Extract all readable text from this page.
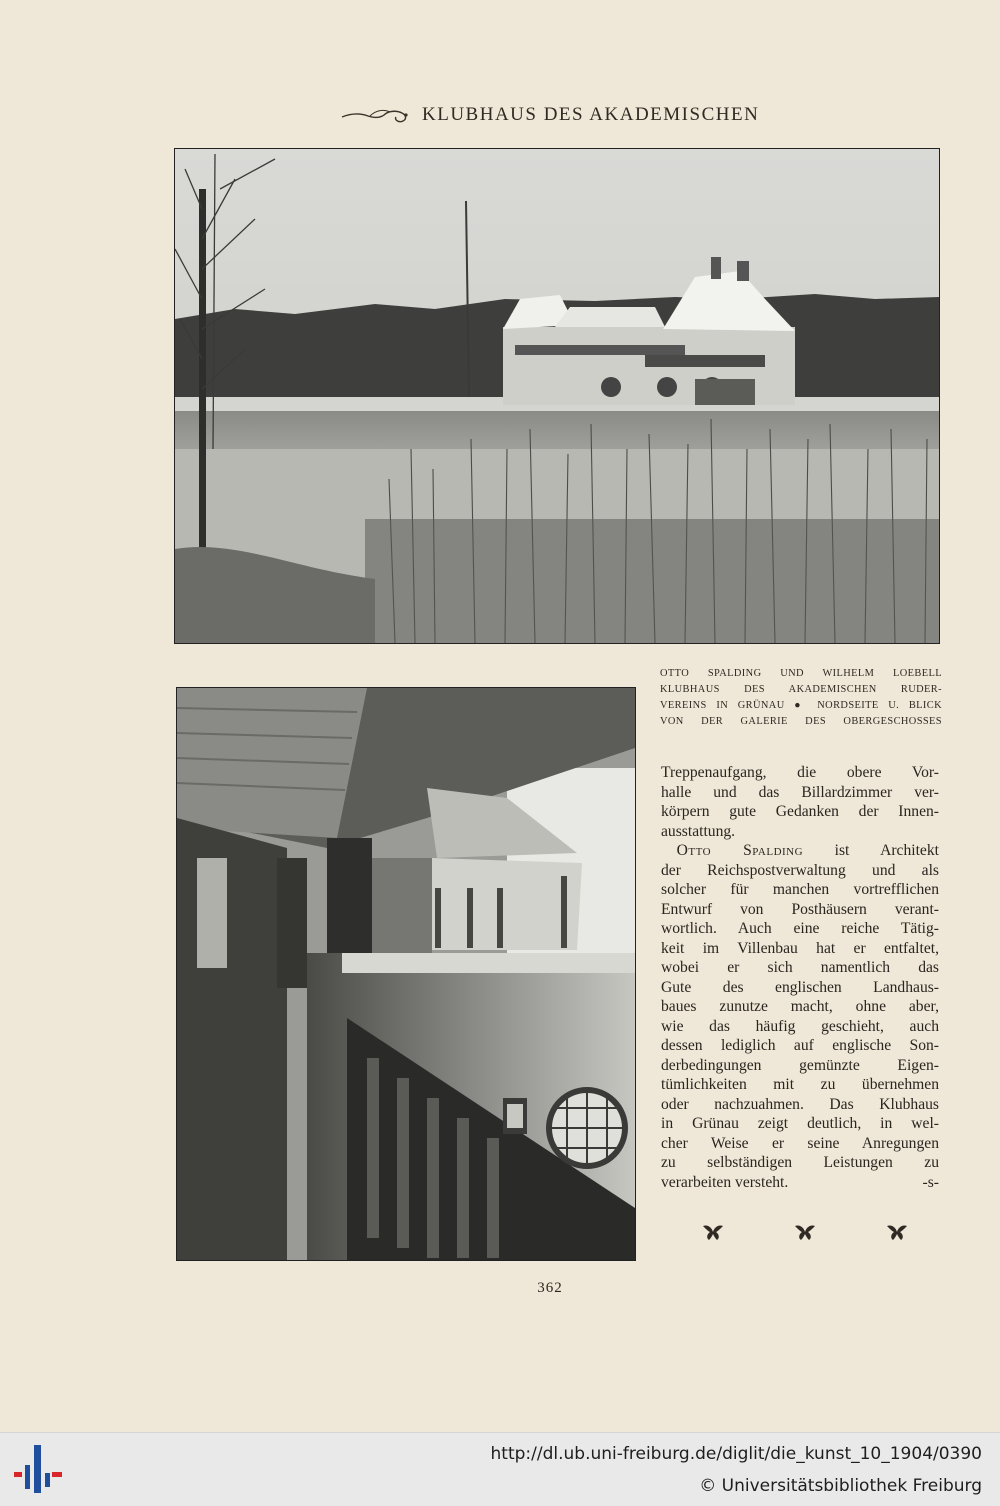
KLUBHAUS DES AKADEMISCHEN
OTTO SPALDING UND WILHELM LOEBELL
KLUBHAUS DES AKADEMISCHEN RUDER-
VEREINS IN GRÜNAU ● NORDSEITE U. BLICK
VON DER GALERIE DES OBERGESCHOSSES
Treppenaufgang, die obere Vor-
halle und das Billardzimmer ver-
körpern gute Gedanken der Innen-
ausstattung.
 Otto Spalding ist Architekt
der Reichspostverwaltung und als
solcher für manchen vortrefflichen
Entwurf von Posthäusern verant-
wortlich. Auch eine reiche Tätig-
keit im Villenbau hat er entfaltet,
wobei er sich namentlich das
Gute des englischen Landhaus-
baues zunutze macht, ohne aber,
wie das häufig geschieht, auch
dessen lediglich auf englische Son-
derbedingungen gemünzte Eigen-
tümlichkeiten mit zu übernehmen
oder nachzuahmen. Das Klubhaus
in Grünau zeigt deutlich, in wel-
cher Weise er seine Anregungen
zu selbständigen Leistungen zu
verarbeiten versteht.	-s-
362
http://dl.ub.uni-freiburg.de/diglit/die_kunst_10_1904/0390
© Universitätsbibliothek Freiburg
